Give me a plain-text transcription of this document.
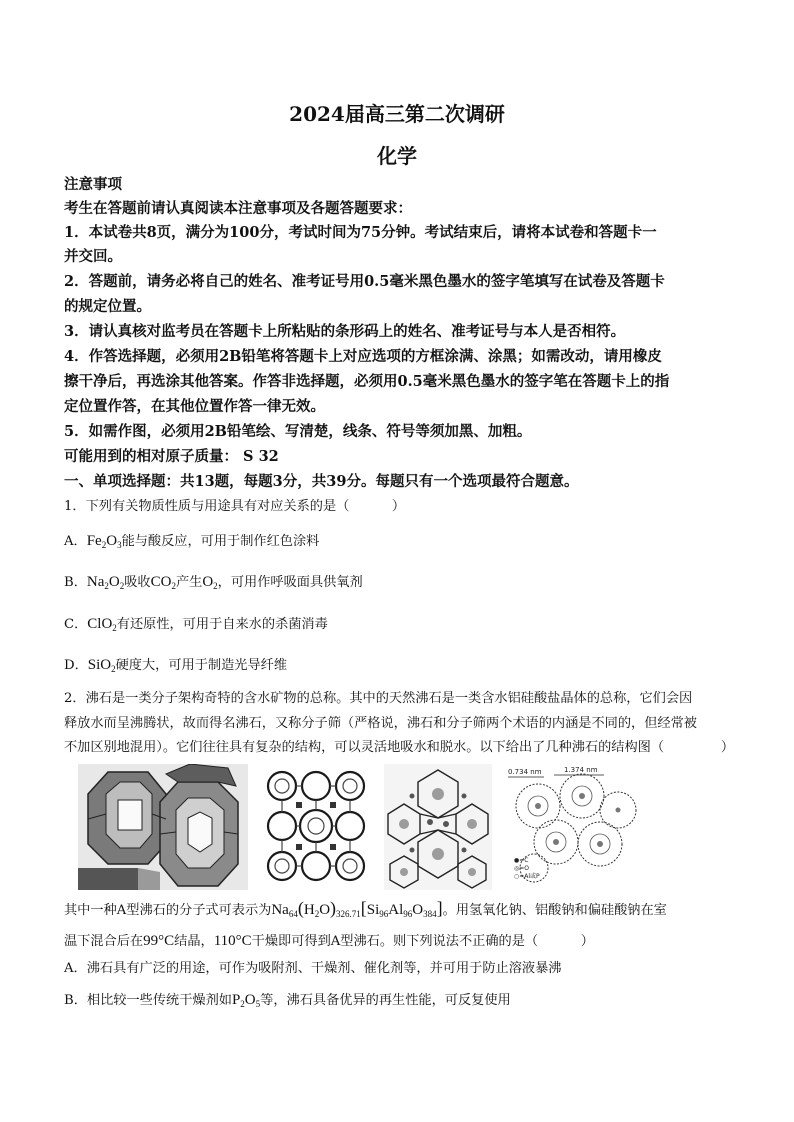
2024届高三第二次调研
化学
注意事项
考生在答题前请认真阅读本注意事项及各题答题要求：
1．本试卷共8页，满分为100分，考试时间为75分钟。考试结束后，请将本试卷和答题卡一
并交回。
2．答题前，请务必将自己的姓名、准考证号用0.5毫米黑色墨水的签字笔填写在试卷及答题卡
的规定位置。
3．请认真核对监考员在答题卡上所粘贴的条形码上的姓名、准考证号与本人是否相符。
4．作答选择题，必须用2B铅笔将答题卡上对应选项的方框涂满、涂黑；如需改动，请用橡皮
擦干净后，再选涂其他答案。作答非选择题，必须用0.5毫米黑色墨水的签字笔在答题卡上的指
定位置作答，在其他位置作答一律无效。
5．如需作图，必须用2B铅笔绘、写清楚，线条、符号等须加黑、加粗。
可能用到的相对原子质量： S 32
一、单项选择题：共13题，每题3分，共39分。每题只有一个选项最符合题意。
1．下列有关物质性质与用途具有对应关系的是（	）
A．$Fe_2O_3$能与酸反应，可用于制作红色涂料
B．$Na_2O_2$吸收$CO_2$产生$O_2$，可用作呼吸面具供氧剂
C．ClO$_2$有还原性，可用于自来水的杀菌消毒
D．SiO$_2$硬度大，可用于制造光导纤维
2．沸石是一类分子架构奇特的含水矿物的总称。其中的天然沸石是一类含水铝硅酸盐晶体的总称，它们会因
释放水而呈沸腾状，故而得名沸石，又称分子筛（严格说，沸石和分子筛两个术语的内涵是不同的，但经常被
不加区别地混用）。它们往往具有复杂的结构，可以灵活地吸水和脱水。以下给出了几种沸石的结构图（	）
0.734 nm	1.374 nm
●=C
◎=O
○=Al或P
其中一种A型沸石的分子式可表示为$Na_{64}(H_2O)_{326.71}[Si_{96}Al_{96}O_{384}]$。用氢氧化钠、铝酸钠和偏硅酸钠在室
温下混合后在99°C结晶，110°C干燥即可得到A型沸石。则下列说法不正确的是（	）
A．沸石具有广泛的用途，可作为吸附剂、干燥剂、催化剂等，并可用于防止溶液暴沸
B．相比较一些传统干燥剂如$P_2O_5$等，沸石具备优异的再生性能，可反复使用
